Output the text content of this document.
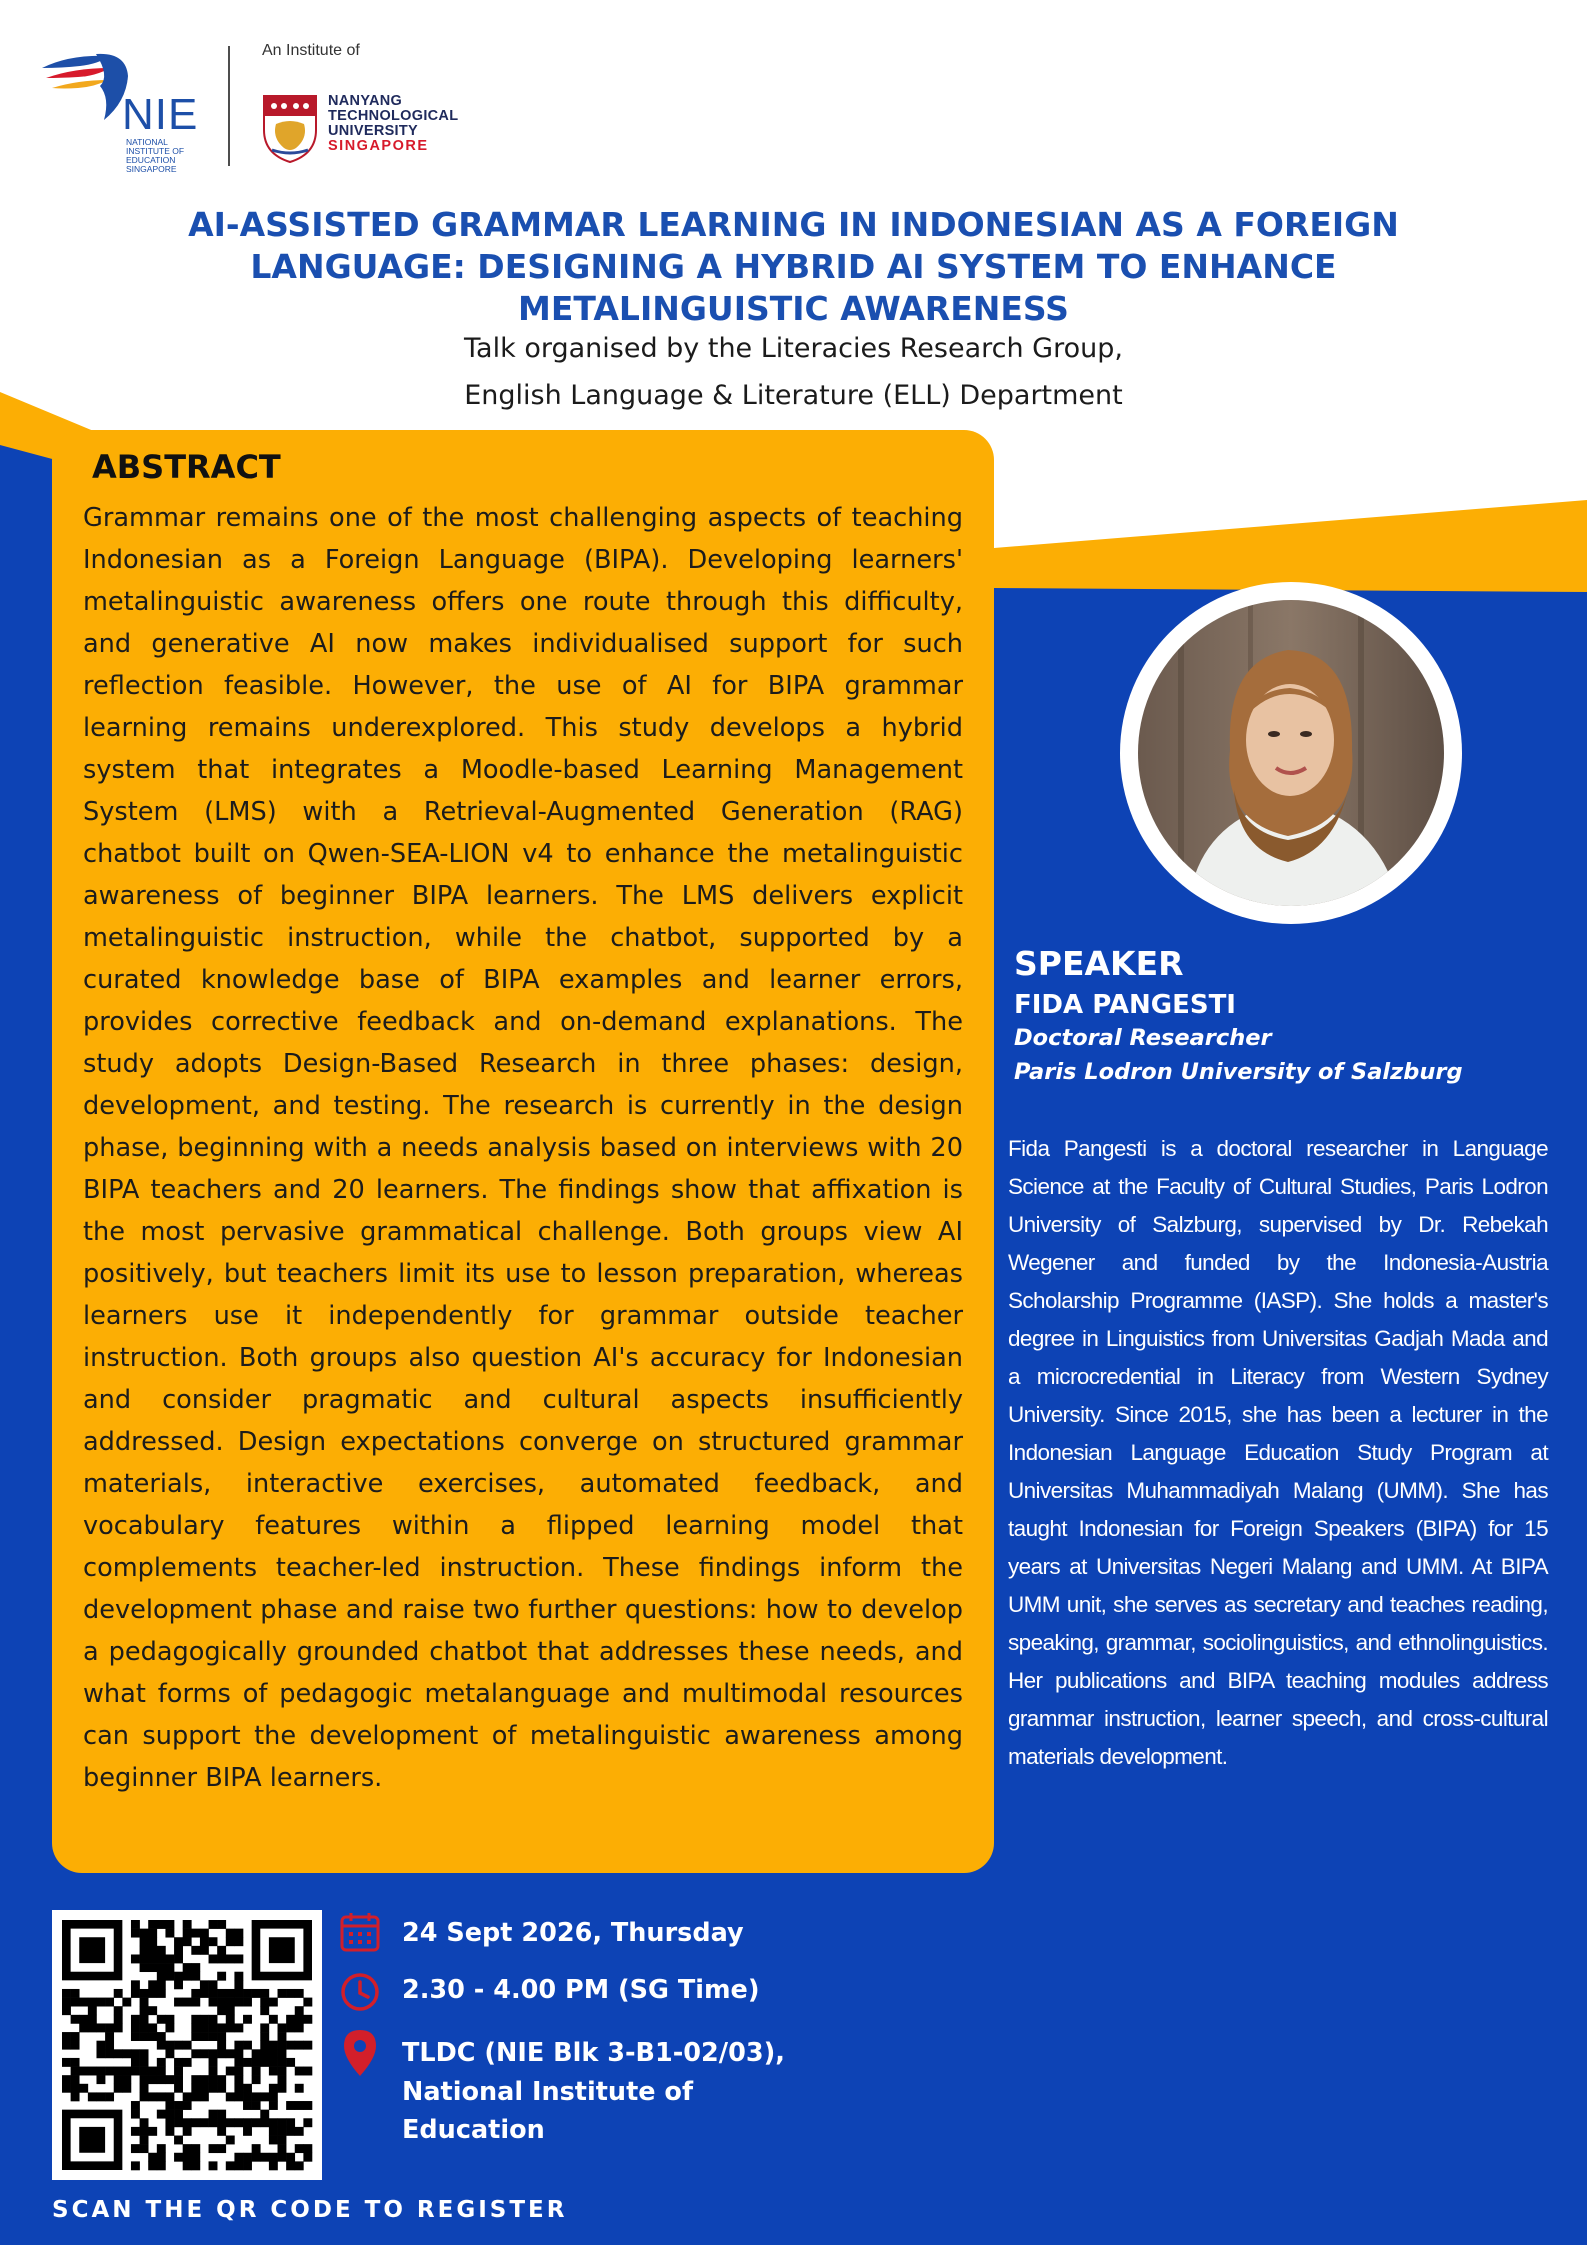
NIE
NATIONAL
INSTITUTE OF
EDUCATION
SINGAPORE
An Institute of
NANYANG
TECHNOLOGICAL
UNIVERSITY
SINGAPORE
AI-ASSISTED GRAMMAR LEARNING IN INDONESIAN AS A FOREIGN
LANGUAGE: DESIGNING A HYBRID AI SYSTEM TO ENHANCE
METALINGUISTIC AWARENESS
Talk organised by the Literacies Research Group,
English Language & Literature (ELL) Department
ABSTRACT
Grammar remains one of the most challenging aspects of teaching Indonesian as a Foreign Language (BIPA). Developing learners' metalinguistic awareness offers one route through this difficulty, and generative AI now makes individualised support for such reflection feasible. However, the use of AI for BIPA grammar learning remains underexplored. This study develops a hybrid system that integrates a Moodle-based Learning Management System (LMS) with a Retrieval-Augmented Generation (RAG) chatbot built on Qwen-SEA-LION v4 to enhance the metalinguistic awareness of beginner BIPA learners. The LMS delivers explicit metalinguistic instruction, while the chatbot, supported by a curated knowledge base of BIPA examples and learner errors, provides corrective feedback and on-demand explanations. The study adopts Design-Based Research in three phases: design, development, and testing. The research is currently in the design phase, beginning with a needs analysis based on interviews with 20 BIPA teachers and 20 learners. The findings show that affixation is the most pervasive grammatical challenge. Both groups view AI positively, but teachers limit its use to lesson preparation, whereas learners use it independently for grammar outside teacher instruction. Both groups also question AI's accuracy for Indonesian and consider pragmatic and cultural aspects insufficiently addressed. Design expectations converge on structured grammar materials, interactive exercises, automated feedback, and vocabulary features within a flipped learning model that complements teacher-led instruction. These findings inform the development phase and raise two further questions: how to develop a pedagogically grounded chatbot that addresses these needs, and what forms of pedagogic metalanguage and multimodal resources can support the development of metalinguistic awareness among beginner BIPA learners.
SPEAKER
FIDA PANGESTI
Doctoral Researcher
Paris Lodron University of Salzburg
Fida Pangesti is a doctoral researcher in Language Science at the Faculty of Cultural Studies, Paris Lodron University of Salzburg, supervised by Dr. Rebekah Wegener and funded by the Indonesia-Austria Scholarship Programme (IASP). She holds a master's degree in Linguistics from Universitas Gadjah Mada and a microcredential in Literacy from Western Sydney University. Since 2015, she has been a lecturer in the Indonesian Language Education Study Program at Universitas Muhammadiyah Malang (UMM). She has taught Indonesian for Foreign Speakers (BIPA) for 15 years at Universitas Negeri Malang and UMM. At BIPA UMM unit, she serves as secretary and teaches reading, speaking, grammar, sociolinguistics, and ethnolinguistics. Her publications and BIPA teaching modules address grammar instruction, learner speech, and cross-cultural materials development.
24 Sept 2026, Thursday
2.30 - 4.00 PM (SG Time)
TLDC (NIE Blk 3-B1-02/03),
National Institute of
Education
SCAN THE QR CODE TO REGISTER
